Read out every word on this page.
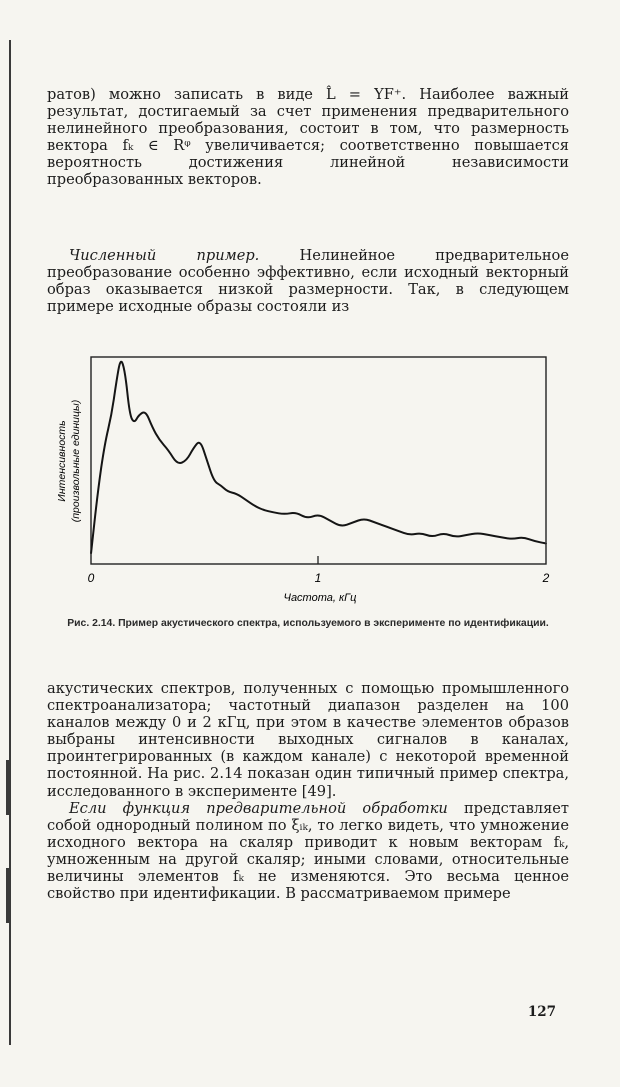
ратов) можно записать в виде L̂ = YF⁺. Наиболее важный результат, достигаемый за счет применения предварительного нелинейного преобразования, состоит в том, что размерность вектора fₖ ∈ Rᵠ увеличивается; соответственно повышается вероятность достижения линейной независимости преобразованных векторов.

Численный пример. Нелинейное предварительное преобразование особенно эффективно, если исходный векторный образ оказывается низкой размерности. Так, в следующем примере исходные образы состояли из

0	1	2
Частота, кГц
Интенсивность (произвольные единицы)
Рис. 2.14. Пример акустического спектра, используемого в эксперименте по идентификации.

акустических спектров, полученных с помощью промышленного спектроанализатора; частотный диапазон разделен на 100 каналов между 0 и 2 кГц, при этом в качестве элементов образов выбраны интенсивности выходных сигналов в каналах, проинтегрированных (в каждом канале) с некоторой временной постоянной. На рис. 2.14 показан один типичный пример спектра, исследованного в эксперименте [49].

Если функция предварительной обработки представляет собой однородный полином по ξᵢₖ, то легко видеть, что умножение исходного вектора на скаляр приводит к новым векторам fₖ, умноженным на другой скаляр; иными словами, относительные величины элементов fₖ не изменяются. Это весьма ценное свойство при идентификации. В рассматриваемом примере

127
